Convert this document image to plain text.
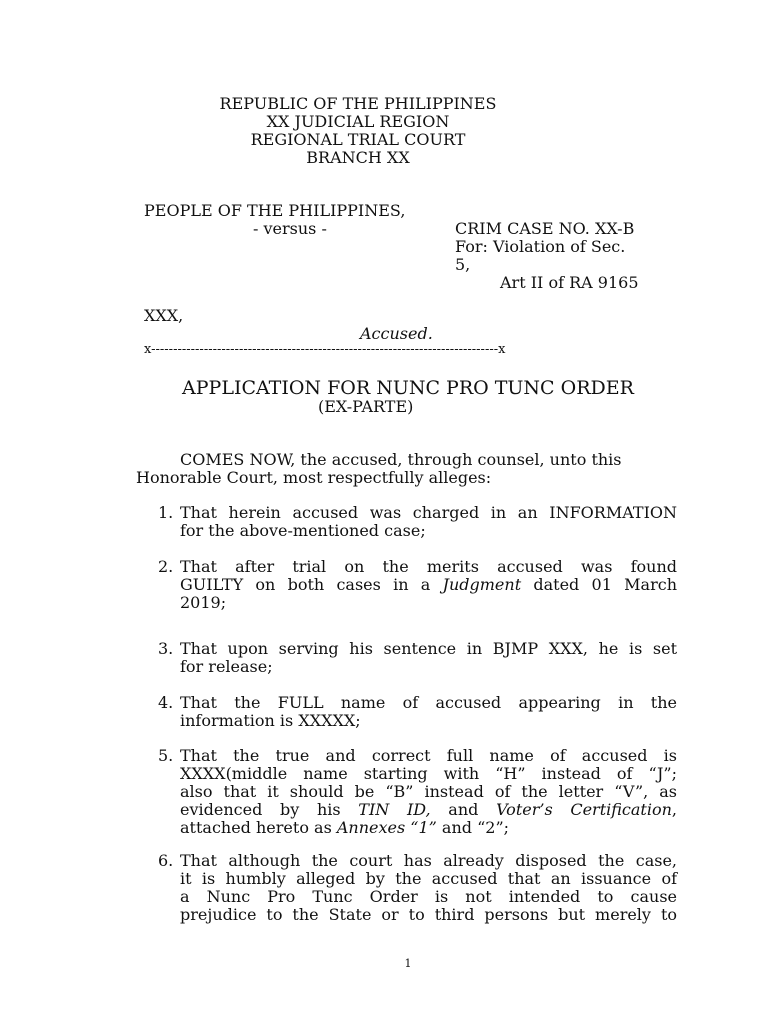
REPUBLIC OF THE PHILIPPINES
XX JUDICIAL REGION
REGIONAL TRIAL COURT
BRANCH XX
PEOPLE OF THE PHILIPPINES,
- versus -	CRIM CASE NO. XX-B
For: Violation of Sec.
5,
Art II of RA 9165
XXX,
Accused.
x-------------------------------------------------------------------------------x
APPLICATION FOR NUNC PRO TUNC ORDER
(EX-PARTE)
COMES NOW, the accused, through counsel, unto this
Honorable Court, most respectfully alleges:
1. That herein accused was charged in an INFORMATION
for the above-mentioned case;
2. That after trial on the merits accused was found
GUILTY on both cases in a Judgment dated 01 March
2019;
3. That upon serving his sentence in BJMP XXX, he is set
for release;
4. That the FULL name of accused appearing in the
information is XXXXX;
5. That the true and correct full name of accused is
XXXX(middle name starting with “H” instead of “J”;
also that it should be “B” instead of the letter “V”, as
evidenced by his TIN ID, and Voter’s Certification,
attached hereto as Annexes “1” and “2”;
6. That although the court has already disposed the case,
it is humbly alleged by the accused that an issuance of
a Nunc Pro Tunc Order is not intended to cause
prejudice to the State or to third persons but merely to
1
